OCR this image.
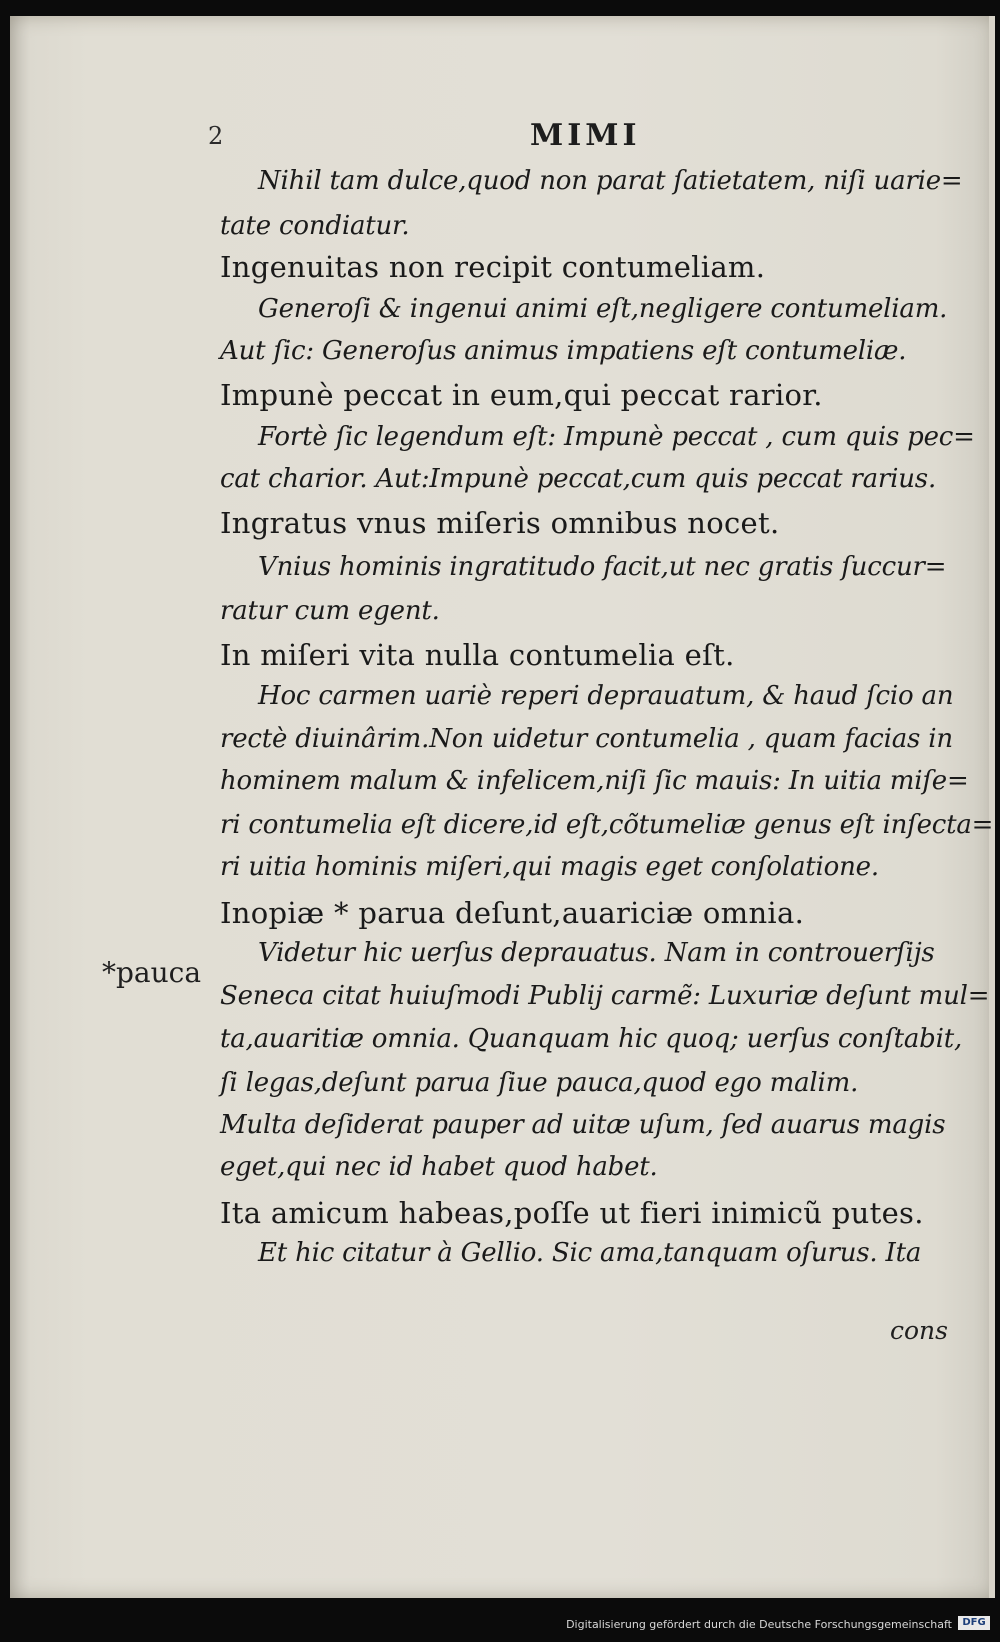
2	MIMI
Nihil tam dulce,quod non parat ſatietatem, niſi uarie=
tate condiatur.
Ingenuitas non recipit contumeliam.
Generoſi & ingenui animi eſt,negligere contumeliam.
Aut ſic: Generoſus animus impatiens eſt contumeliæ.
Impunè peccat in eum,qui peccat rarior.
Fortè ſic legendum eſt: Impunè peccat , cum quis pec=
cat charior. Aut:Impunè peccat,cum quis peccat rarius.
Ingratus vnus miſeris omnibus nocet.
Vnius hominis ingratitudo facit,ut nec gratis ſuccur=
ratur cum egent.
In miſeri vita nulla contumelia eſt.
Hoc carmen uariè reperi deprauatum, & haud ſcio an
rectè diuinârim.Non uidetur contumelia , quam facias in
hominem malum & infelicem,niſi ſic mauis: In uitia miſe=
ri contumelia eſt dicere,id eſt,cõtumeliæ genus eſt inſecta=
ri uitia hominis miſeri,qui magis eget conſolatione.
Inopiæ * parua deſunt,auariciæ omnia.
Videtur hic uerſus deprauatus. Nam in controuerſijs
Seneca citat huiuſmodi Publij carmẽ: Luxuriæ deſunt mul=
ta,auaritiæ omnia. Quanquam hic quoq; uerſus conſtabit,
ſi legas,deſunt parua ſiue pauca,quod ego malim.
Multa deſiderat pauper ad uitæ uſum, ſed auarus magis
eget,qui nec id habet quod habet.
Ita amicum habeas,poſſe ut fieri inimicũ putes.
Et hic citatur à Gellio. Sic ama,tanquam oſurus. Ita
*pauca
cons
Digitalisierung gefördert durch die Deutsche Forschungsgemeinschaft	DFG
